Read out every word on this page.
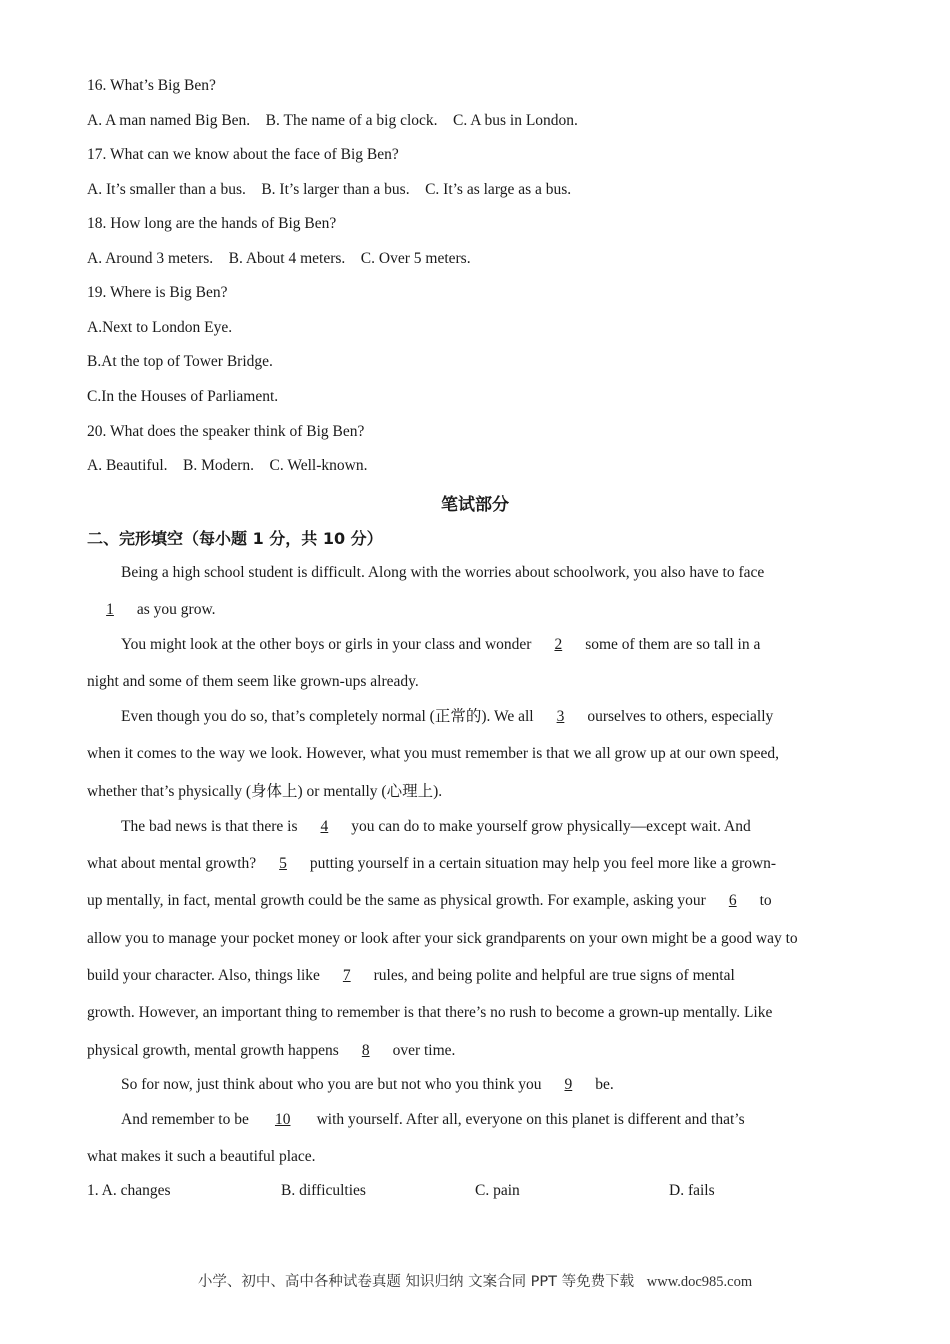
16. What’s Big Ben?
A. A man named Big Ben.    B. The name of a big clock.    C. A bus in London.
17. What can we know about the face of Big Ben?
A. It’s smaller than a bus.    B. It’s larger than a bus.    C. It’s as large as a bus.
18. How long are the hands of Big Ben?
A. Around 3 meters.    B. About 4 meters.    C. Over 5 meters.
19. Where is Big Ben?
A.Next to London Eye.
B.At the top of Tower Bridge.
C.In the Houses of Parliament.
20. What does the speaker think of Big Ben?
A. Beautiful.    B. Modern.    C. Well-known.
笔试部分
二、完形填空（每小题 1 分，共 10 分）
Being a high school student is difficult. Along with the worries about schoolwork, you also have to face
1 as you grow.
You might look at the other boys or girls in your class and wonder 2 some of them are so tall in a
night and some of them seem like grown-ups already.
Even though you do so, that’s completely normal (正常的). We all 3 ourselves to others, especially
when it comes to the way we look. However, what you must remember is that we all grow up at our own speed,
whether that’s physically (身体上) or mentally (心理上).
The bad news is that there is 4 you can do to make yourself grow physically—except wait. And
what about mental growth? 5 putting yourself in a certain situation may help you feel more like a grown-
up mentally, in fact, mental growth could be the same as physical growth. For example, asking your 6 to
allow you to manage your pocket money or look after your sick grandparents on your own might be a good way to
build your character. Also, things like 7 rules, and being polite and helpful are true signs of mental
growth. However, an important thing to remember is that there’s no rush to become a grown-up mentally. Like
physical growth, mental growth happens 8 over time.
So for now, just think about who you are but not who you think you 9 be.
And remember to be 10 with yourself. After all, everyone on this planet is different and that’s
what makes it such a beautiful place.
1. A. changes	B. difficulties	C. pain	D. fails
小学、初中、高中各种试卷真题 知识归纳 文案合同 PPT 等免费下载 www.doc985.com
